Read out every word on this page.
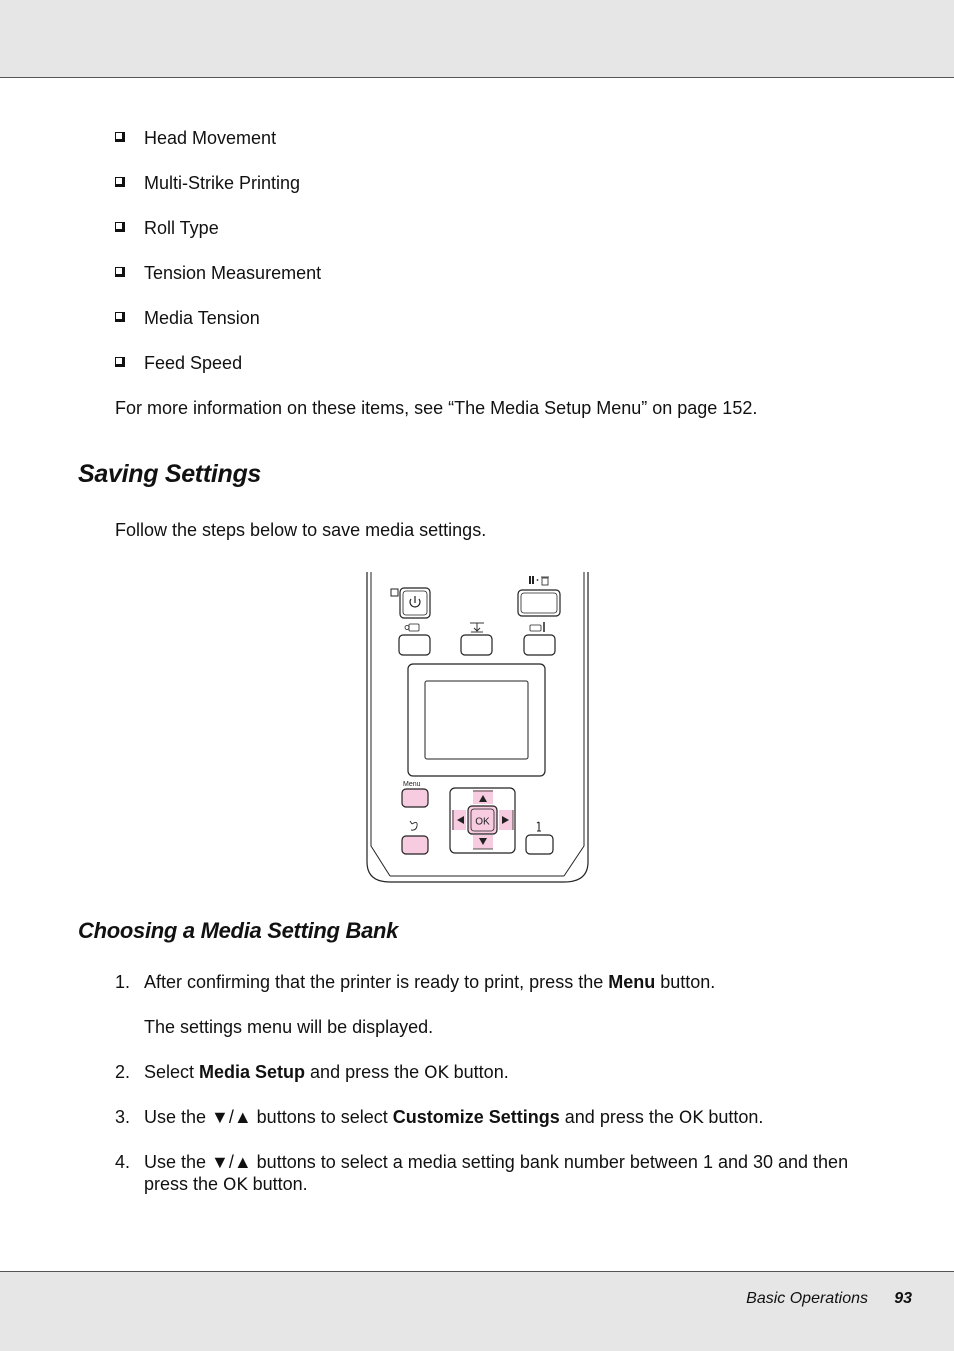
Head Movement
Multi-Strike Printing
Roll Type
Tension Measurement
Media Tension
Feed Speed
For more information on these items, see “The Media Setup Menu” on page 152.
Saving Settings
Follow the steps below to save media settings.
Menu
OK
Choosing a Media Setting Bank
1. After confirming that the printer is ready to print, press the Menu button.
The settings menu will be displayed.
2. Select Media Setup and press the OK button.
3. Use the ▼/▲ buttons to select Customize Settings and press the OK button.
4. Use the ▼/▲ buttons to select a media setting bank number between 1 and 30 and then press the OK button.
Basic Operations 93
